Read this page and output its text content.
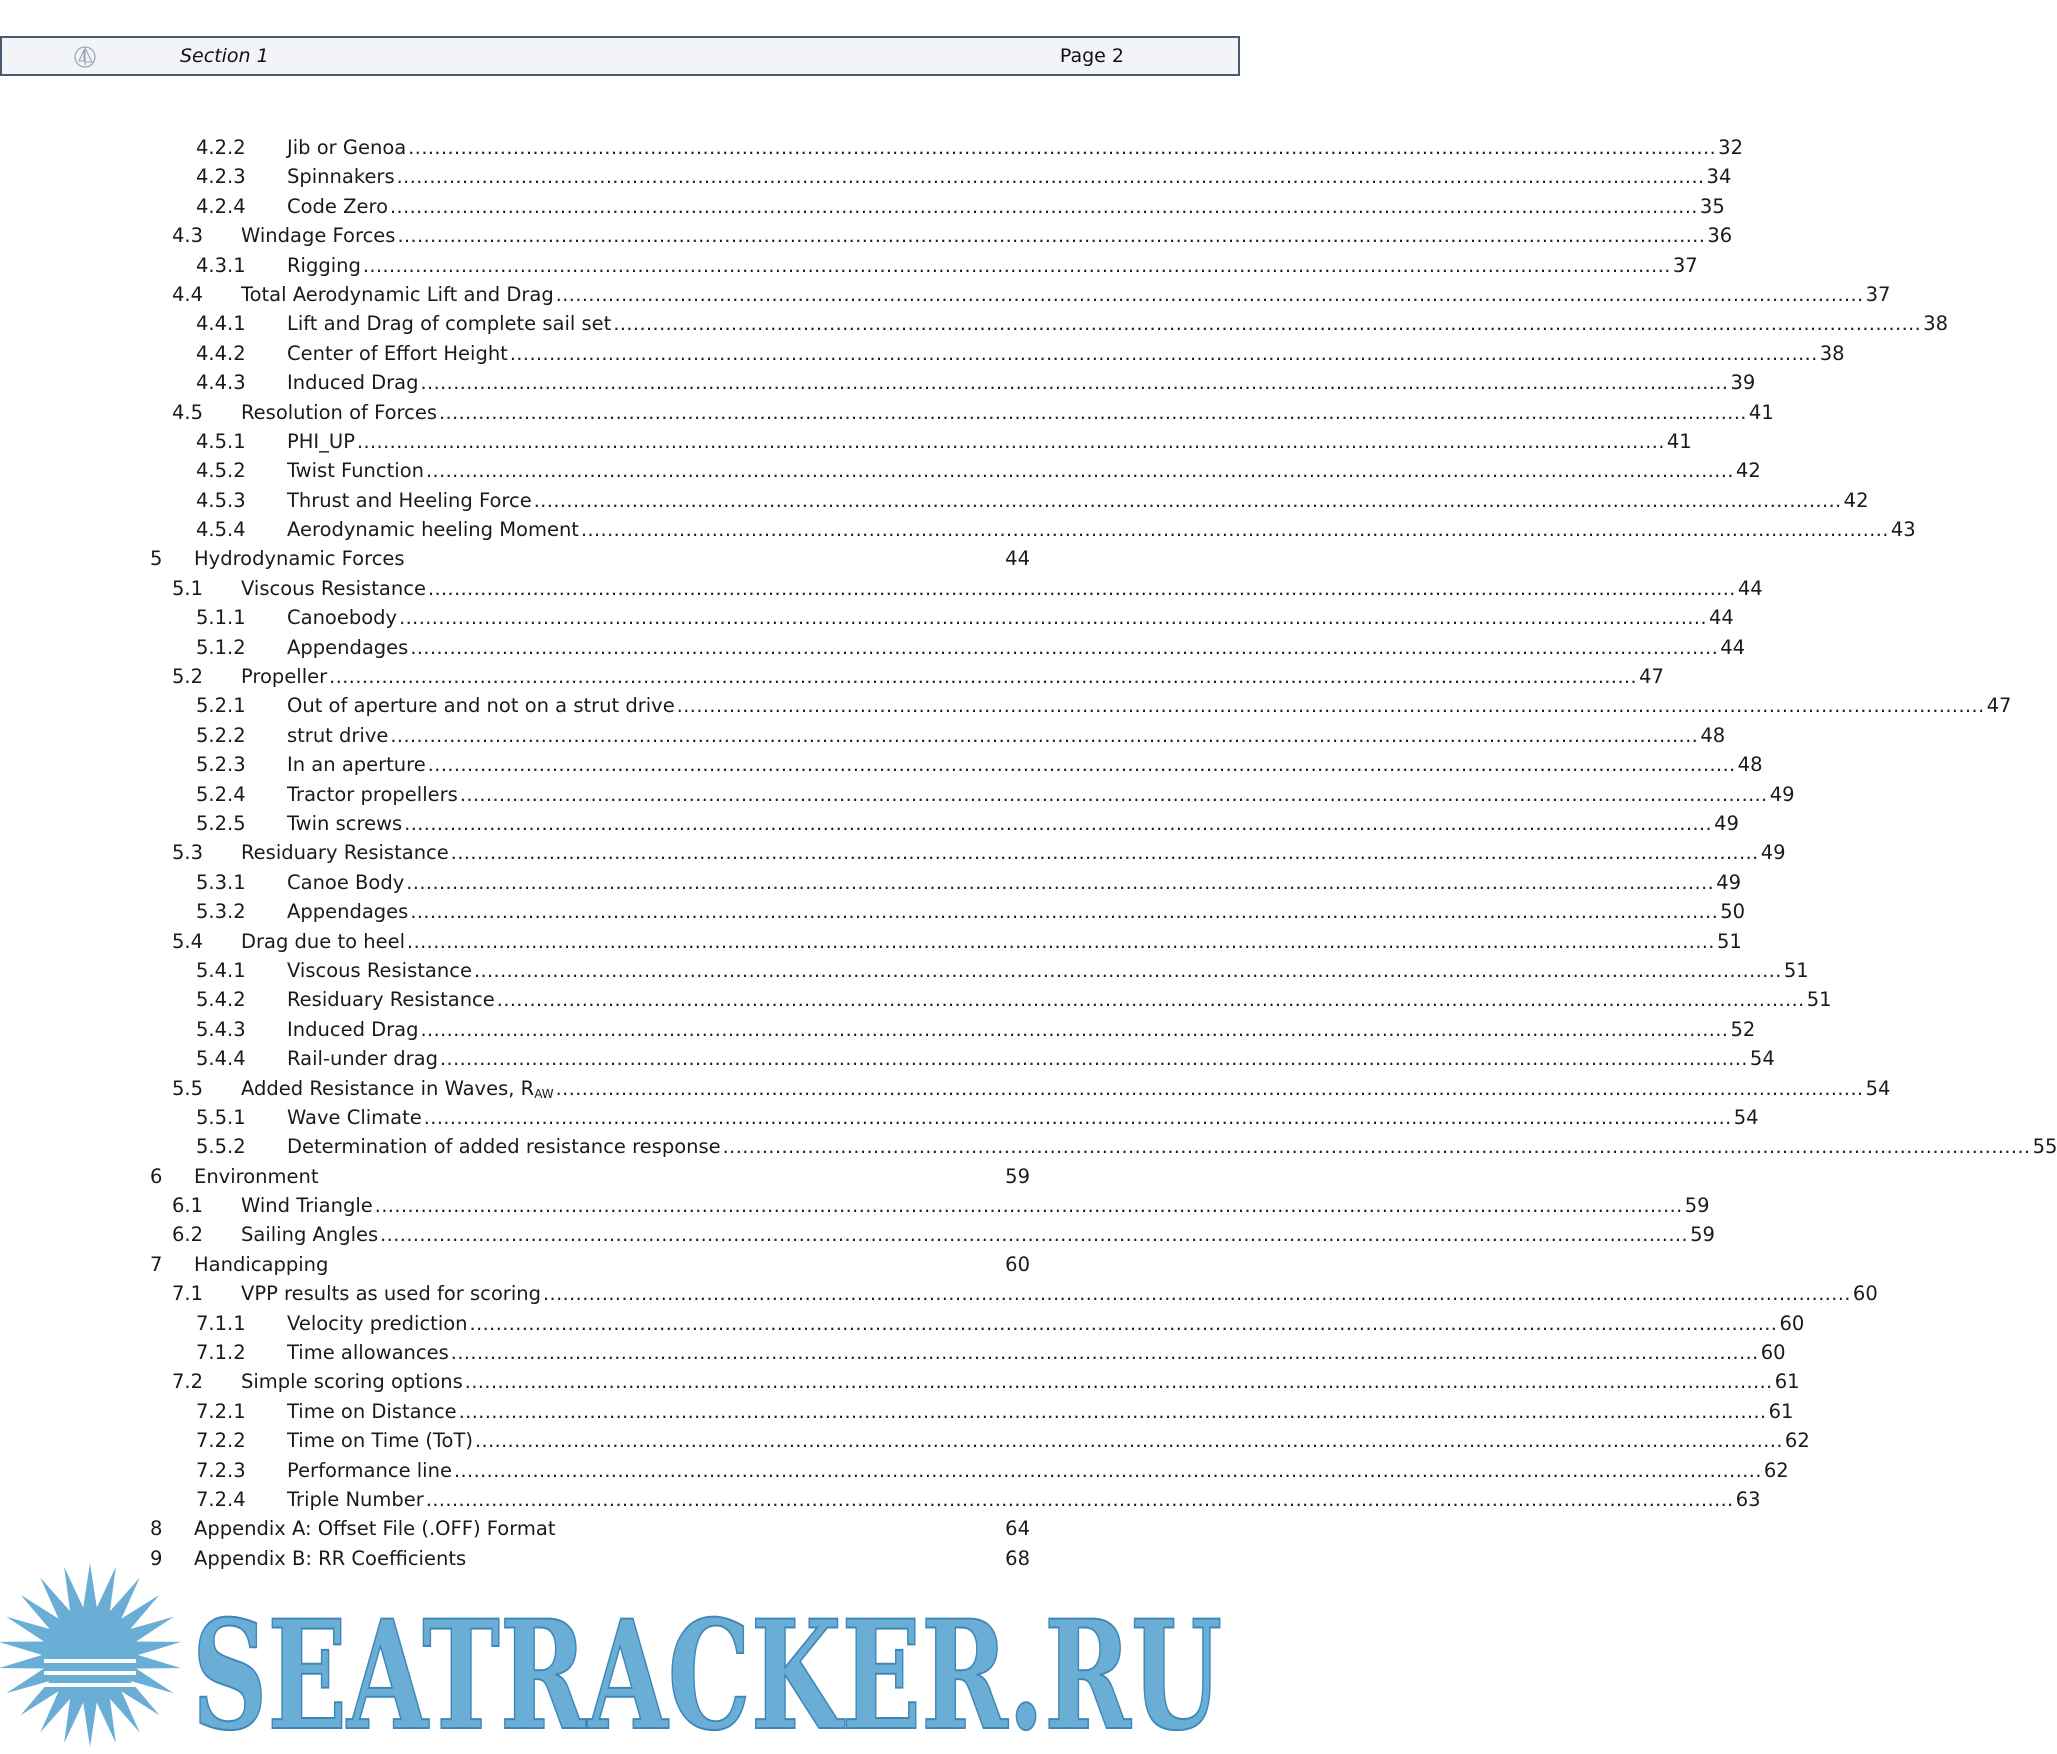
Section 1	Page 2
4.2.2 Jib or Genoa ........................................................................................................................................................................................................ 32
4.2.3 Spinnakers ........................................................................................................................................................................................................ 34
4.2.4 Code Zero ........................................................................................................................................................................................................ 35
4.3 Windage Forces ........................................................................................................................................................................................................ 36
4.3.1 Rigging ........................................................................................................................................................................................................ 37
4.4 Total Aerodynamic Lift and Drag ........................................................................................................................................................................................................ 37
4.4.1 Lift and Drag of complete sail set ........................................................................................................................................................................................................ 38
4.4.2 Center of Effort Height ........................................................................................................................................................................................................ 38
4.4.3 Induced Drag ........................................................................................................................................................................................................ 39
4.5 Resolution of Forces ........................................................................................................................................................................................................ 41
4.5.1 PHI_UP ........................................................................................................................................................................................................ 41
4.5.2 Twist Function ........................................................................................................................................................................................................ 42
4.5.3 Thrust and Heeling Force ........................................................................................................................................................................................................ 42
4.5.4 Aerodynamic heeling Moment ........................................................................................................................................................................................................ 43
5 Hydrodynamic Forces	44
5.1 Viscous Resistance ........................................................................................................................................................................................................ 44
5.1.1 Canoebody ........................................................................................................................................................................................................ 44
5.1.2 Appendages ........................................................................................................................................................................................................ 44
5.2 Propeller ........................................................................................................................................................................................................ 47
5.2.1 Out of aperture and not on a strut drive ........................................................................................................................................................................................................ 47
5.2.2 strut drive ........................................................................................................................................................................................................ 48
5.2.3 In an aperture ........................................................................................................................................................................................................ 48
5.2.4 Tractor propellers ........................................................................................................................................................................................................ 49
5.2.5 Twin screws ........................................................................................................................................................................................................ 49
5.3 Residuary Resistance ........................................................................................................................................................................................................ 49
5.3.1 Canoe Body ........................................................................................................................................................................................................ 49
5.3.2 Appendages ........................................................................................................................................................................................................ 50
5.4 Drag due to heel ........................................................................................................................................................................................................ 51
5.4.1 Viscous Resistance ........................................................................................................................................................................................................ 51
5.4.2 Residuary Resistance ........................................................................................................................................................................................................ 51
5.4.3 Induced Drag ........................................................................................................................................................................................................ 52
5.4.4 Rail-under drag ........................................................................................................................................................................................................ 54
5.5 Added Resistance in Waves, $R_{AW}$ ........................................................................................................................................................................................................ 54
5.5.1 Wave Climate ........................................................................................................................................................................................................ 54
5.5.2 Determination of added resistance response ........................................................................................................................................................................................................ 55
6 Environment	59
6.1 Wind Triangle ........................................................................................................................................................................................................ 59
6.2 Sailing Angles ........................................................................................................................................................................................................ 59
7 Handicapping	60
7.1 VPP results as used for scoring ........................................................................................................................................................................................................ 60
7.1.1 Velocity prediction ........................................................................................................................................................................................................ 60
7.1.2 Time allowances ........................................................................................................................................................................................................ 60
7.2 Simple scoring options ........................................................................................................................................................................................................ 61
7.2.1 Time on Distance ........................................................................................................................................................................................................ 61
7.2.2 Time on Time (ToT) ........................................................................................................................................................................................................ 62
7.2.3 Performance line ........................................................................................................................................................................................................ 62
7.2.4 Triple Number ........................................................................................................................................................................................................ 63
8 Appendix A: Offset File (.OFF) Format	64
9 Appendix B: RR Coefficients	68
SEATRACKER.RU
